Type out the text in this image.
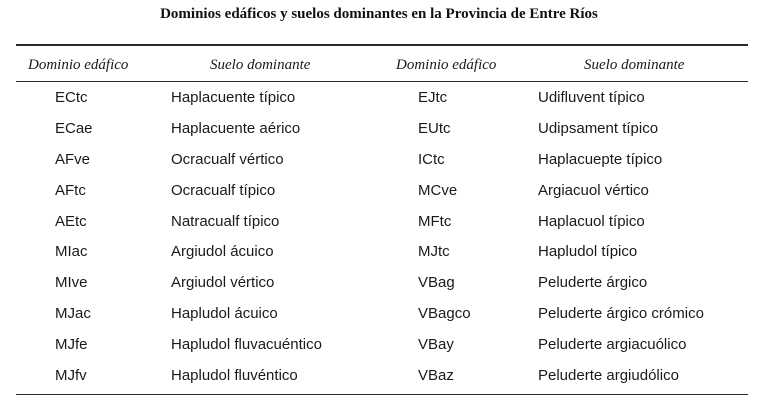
Dominios edáficos y suelos dominantes en la Provincia de Entre Ríos
Dominio edáfico	Suelo dominante	Dominio edáfico	Suelo dominante
ECtc	Haplacuente típico	EJtc	Udifluvent típico
ECae	Haplacuente aérico	EUtc	Udipsament típico
AFve	Ocracualf vértico	ICtc	Haplacuepte típico
AFtc	Ocracualf típico	MCve	Argiacuol vértico
AEtc	Natracualf típico	MFtc	Haplacuol típico
MIac	Argiudol ácuico	MJtc	Hapludol típico
MIve	Argiudol vértico	VBag	Peluderte árgico
MJac	Hapludol ácuico	VBagco	Peluderte árgico crómico
MJfe	Hapludol fluvacuéntico	VBay	Peluderte argiacuólico
MJfv	Hapludol fluvéntico	VBaz	Peluderte argiudólico
